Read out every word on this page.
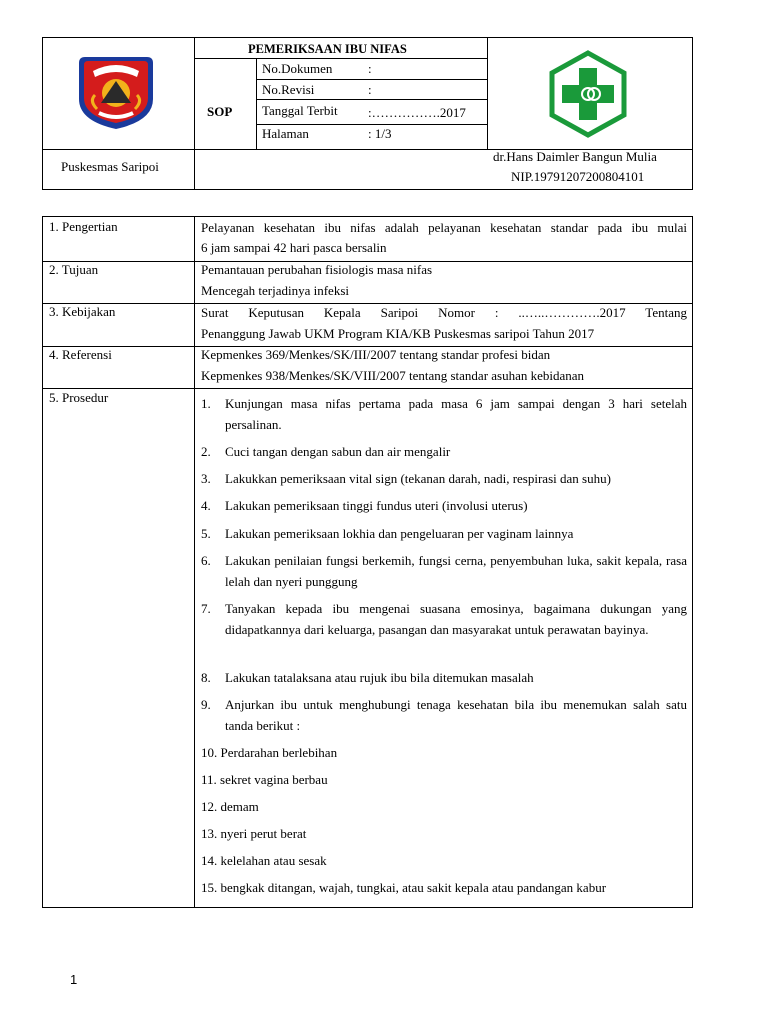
PEMERIKSAAN IBU NIFAS
SOP
No.Dokumen	:
No.Revisi	:
Tanggal Terbit :…………….2017
Halaman	: 1/3
Puskesmas Saripoi
dr.Hans Daimler Bangun Mulia
NIP.19791207200804101
1. Pengertian	Pelayanan kesehatan ibu nifas adalah pelayanan kesehatan standar pada ibu mulai
6 jam sampai 42 hari pasca bersalin
2. Tujuan	Pemantauan perubahan fisiologis masa nifas
Mencegah terjadinya infeksi
3. Kebijakan	Surat Keputusan Kepala Saripoi Nomor : ..…..………….2017 Tentang
Penanggung Jawab UKM Program KIA/KB Puskesmas saripoi Tahun 2017
4. Referensi	Kepmenkes 369/Menkes/SK/III/2007 tentang standar profesi bidan
Kepmenkes 938/Menkes/SK/VIII/2007 tentang standar asuhan kebidanan
5. Prosedur	1. Kunjungan masa nifas pertama pada masa 6 jam sampai dengan 3 hari setelah persalinan.
2. Cuci tangan dengan sabun dan air mengalir
3. Lakukkan pemeriksaan vital sign (tekanan darah, nadi, respirasi dan suhu)
4. Lakukan pemeriksaan tinggi fundus uteri (involusi uterus)
5. Lakukan pemeriksaan lokhia dan pengeluaran per vaginam lainnya
6. Lakukan penilaian fungsi berkemih, fungsi cerna, penyembuhan luka, sakit kepala, rasa lelah dan nyeri punggung
7. Tanyakan kepada ibu mengenai suasana emosinya, bagaimana dukungan yang didapatkannya dari keluarga, pasangan dan masyarakat untuk perawatan bayinya.
8. Lakukan tatalaksana atau rujuk ibu bila ditemukan masalah
9. Anjurkan ibu untuk menghubungi tenaga kesehatan bila ibu menemukan salah satu tanda berikut :
10. Perdarahan berlebihan
11. sekret vagina berbau
12. demam
13. nyeri perut berat
14. kelelahan atau sesak
15. bengkak ditangan, wajah, tungkai, atau sakit kepala atau pandangan kabur
1
